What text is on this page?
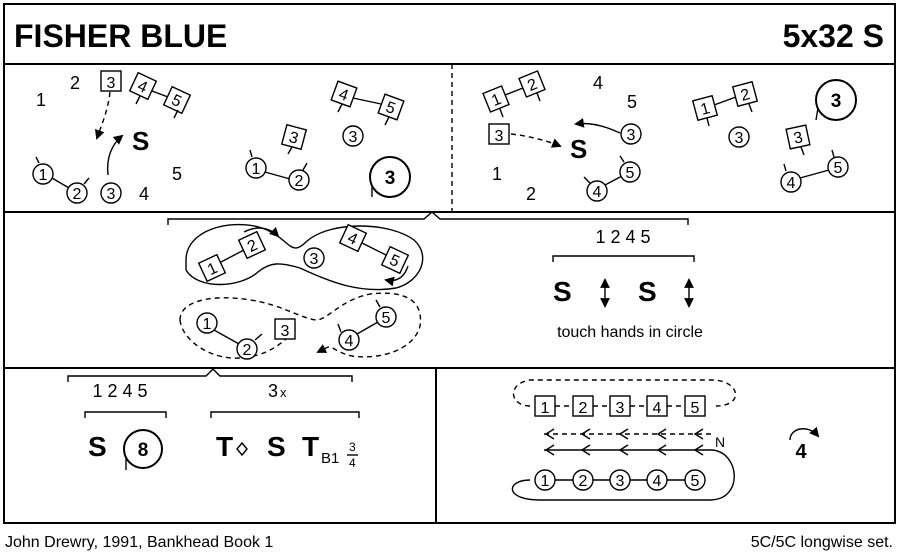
FISHER BLUE	5x32 S
1
2
4
5
3 4
5
S
1
2 3
4
5
3	3
1
2	3
1
2	4
5
3	S 3
1
2	4
5
1
2
3
3
3
4
5
1
2
3
4
5
1
2
3
4
5
1 2 4 5
S S
touch hands in circle
1 2 4 5	3 x
S 8 T S T B1
3
4
1 2 3 4 5
N
1 2 3 4 5
4
John Drewry, 1991, Bankhead Book 1	5C/5C longwise set.
